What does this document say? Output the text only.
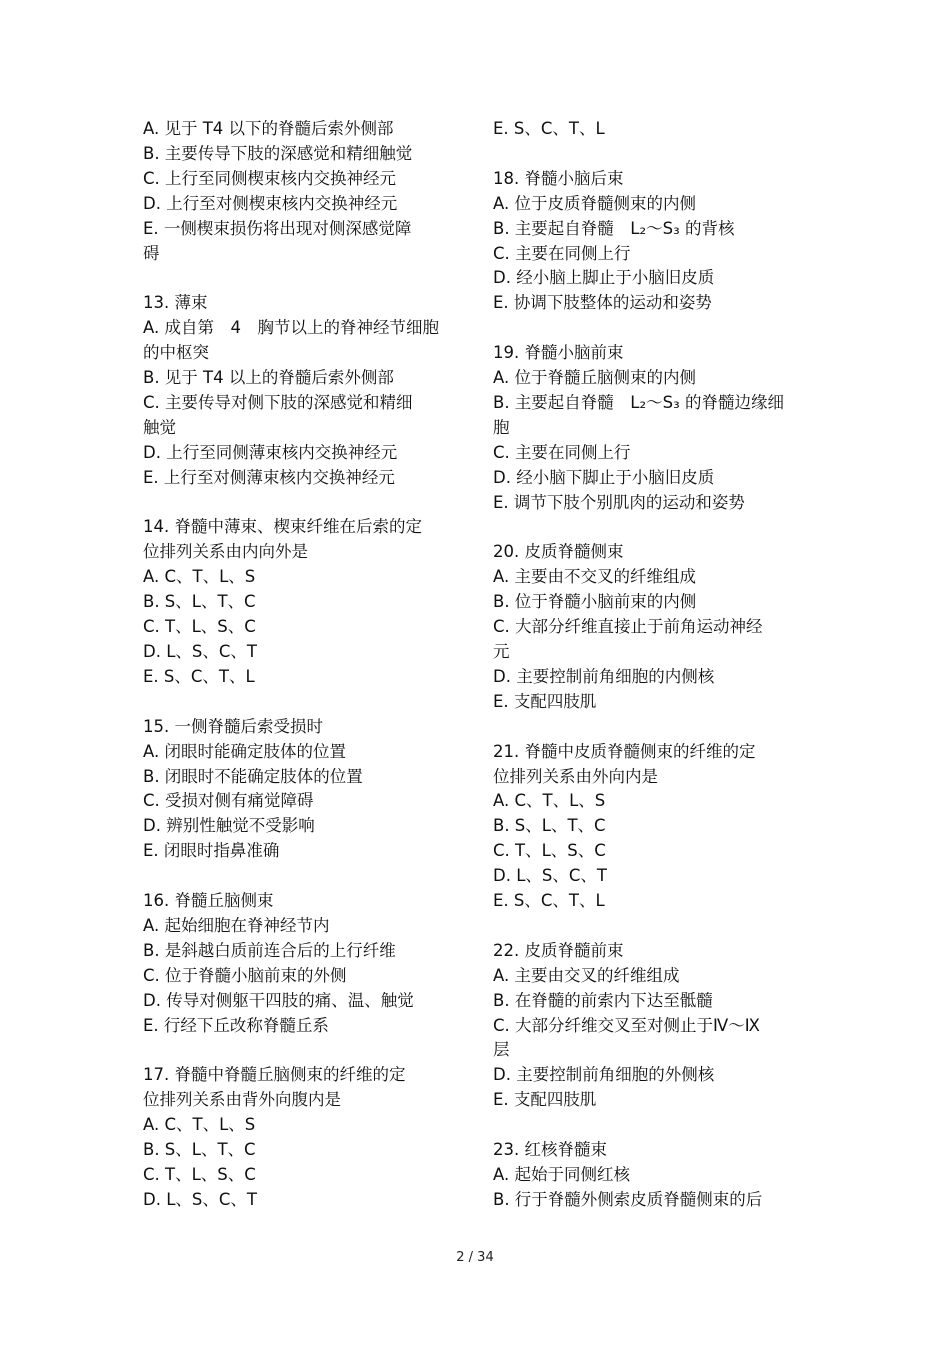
A. 见于 T4 以下的脊髓后索外侧部
B. 主要传导下肢的深感觉和精细触觉
C. 上行至同侧楔束核内交换神经元
D. 上行至对侧楔束核内交换神经元
E. 一侧楔束损伤将出现对侧深感觉障
碍
13. 薄束
A. 成自第　4　胸节以上的脊神经节细胞
的中枢突
B. 见于 T4 以上的脊髓后索外侧部
C. 主要传导对侧下肢的深感觉和精细
触觉
D. 上行至同侧薄束核内交换神经元
E. 上行至对侧薄束核内交换神经元
14. 脊髓中薄束、楔束纤维在后索的定
位排列关系由内向外是
A. C、T、L、S
B. S、L、T、C
C. T、L、S、C
D. L、S、C、T
E. S、C、T、L
15. 一侧脊髓后索受损时
A. 闭眼时能确定肢体的位置
B. 闭眼时不能确定肢体的位置
C. 受损对侧有痛觉障碍
D. 辨别性触觉不受影响
E. 闭眼时指鼻准确
16. 脊髓丘脑侧束
A. 起始细胞在脊神经节内
B. 是斜越白质前连合后的上行纤维
C. 位于脊髓小脑前束的外侧
D. 传导对侧躯干四肢的痛、温、触觉
E. 行经下丘改称脊髓丘系
17. 脊髓中脊髓丘脑侧束的纤维的定
位排列关系由背外向腹内是
A. C、T、L、S
B. S、L、T、C
C. T、L、S、C
D. L、S、C、T
E. S、C、T、L
18. 脊髓小脑后束
A. 位于皮质脊髓侧束的内侧
B. 主要起自脊髓　L₂～S₃ 的背核
C. 主要在同侧上行
D. 经小脑上脚止于小脑旧皮质
E. 协调下肢整体的运动和姿势
19. 脊髓小脑前束
A. 位于脊髓丘脑侧束的内侧
B. 主要起自脊髓　L₂～S₃ 的脊髓边缘细
胞
C. 主要在同侧上行
D. 经小脑下脚止于小脑旧皮质
E. 调节下肢个别肌肉的运动和姿势
20. 皮质脊髓侧束
A. 主要由不交叉的纤维组成
B. 位于脊髓小脑前束的内侧
C. 大部分纤维直接止于前角运动神经
元
D. 主要控制前角细胞的内侧核
E. 支配四肢肌
21. 脊髓中皮质脊髓侧束的纤维的定
位排列关系由外向内是
A. C、T、L、S
B. S、L、T、C
C. T、L、S、C
D. L、S、C、T
E. S、C、T、L
22. 皮质脊髓前束
A. 主要由交叉的纤维组成
B. 在脊髓的前索内下达至骶髓
C. 大部分纤维交叉至对侧止于Ⅳ～Ⅸ
层
D. 主要控制前角细胞的外侧核
E. 支配四肢肌
23. 红核脊髓束
A. 起始于同侧红核
B. 行于脊髓外侧索皮质脊髓侧束的后
2 / 34
